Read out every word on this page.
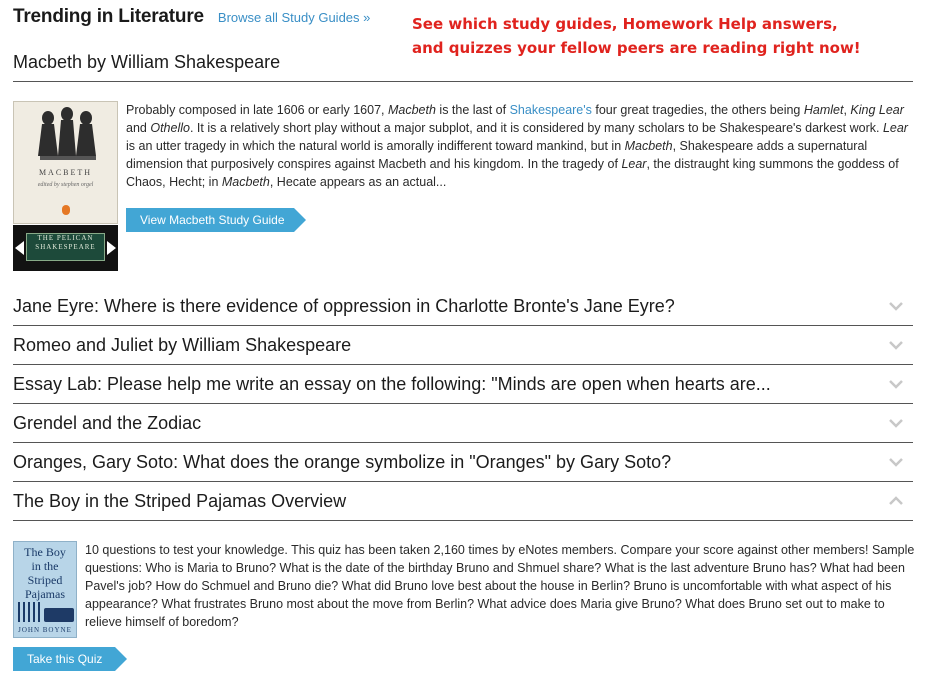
Trending in Literature Browse all Study Guides »	See which study guides, Homework Help answers,
and quizzes your fellow peers are reading right now!
Macbeth by William Shakespeare
MACBETH
edited by stephen orgel
THE PELICAN
SHAKESPEARE
Probably composed in late 1606 or early 1607, Macbeth is the last of Shakespeare's four great tragedies, the others being Hamlet, King Lear and Othello. It is a relatively short play without a major subplot, and it is considered by many scholars to be Shakespeare's darkest work. Lear is an utter tragedy in which the natural world is amorally indifferent toward mankind, but in Macbeth, Shakespeare adds a supernatural dimension that purposively conspires against Macbeth and his kingdom. In the tragedy of Lear, the distraught king summons the goddess of Chaos, Hecht; in Macbeth, Hecate appears as an actual...
View Macbeth Study Guide
Jane Eyre: Where is there evidence of oppression in Charlotte Bronte's Jane Eyre?
Romeo and Juliet by William Shakespeare
Essay Lab: Please help me write an essay on the following: "Minds are open when hearts are...
Grendel and the Zodiac
Oranges, Gary Soto: What does the orange symbolize in "Oranges" by Gary Soto?
The Boy in the Striped Pajamas Overview
The Boy
in the
Striped
Pajamas
JOHN BOYNE
10 questions to test your knowledge. This quiz has been taken 2,160 times by eNotes members. Compare your score against other members! Sample questions: Who is Maria to Bruno? What is the date of the birthday Bruno and Shmuel share? What is the last adventure Bruno has? What had been Pavel's job? How do Schmuel and Bruno die? What did Bruno love best about the house in Berlin? Bruno is uncomfortable with what aspect of his appearance? What frustrates Bruno most about the move from Berlin? What advice does Maria give Bruno? What does Bruno set out to make to relieve himself of boredom?
Take this Quiz
